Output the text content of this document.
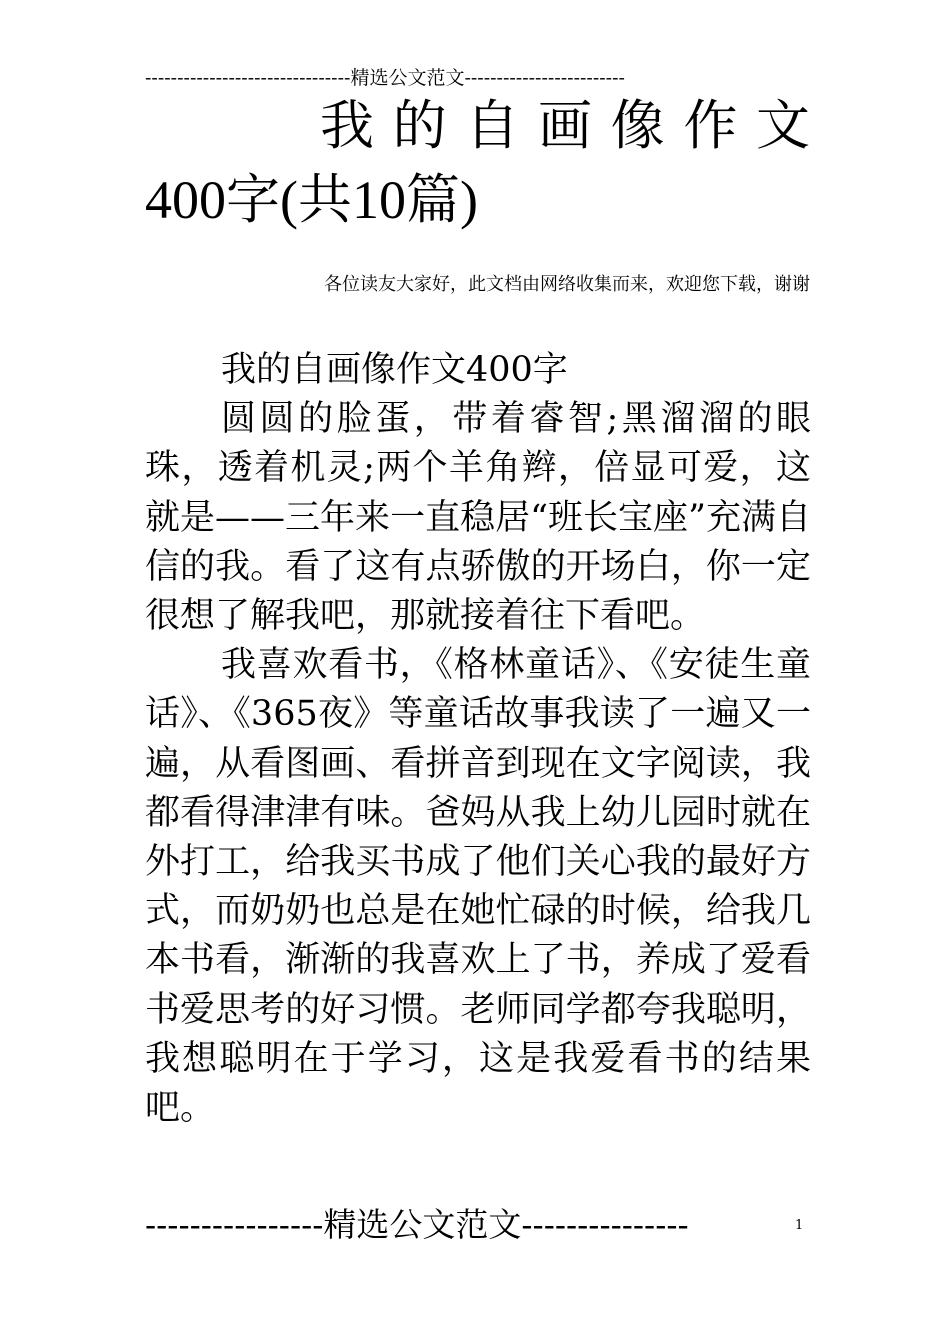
--------------------------------精选公文范文-------------------------
我的自画像作文
400字(共10篇)
各位读友大家好，此文档由网络收集而来，欢迎您下载，谢谢

我的自画像作文400字

圆圆的脸蛋，带着睿智;黑溜溜的眼珠，透着机灵;两个羊角辫，倍显可爱，这就是——三年来一直稳居“班长宝座”充满自信的我。看了这有点骄傲的开场白，你一定很想了解我吧，那就接着往下看吧。

我喜欢看书，《格林童话》、《安徒生童话》、《365夜》等童话故事我读了一遍又一遍，从看图画、看拼音到现在文字阅读，我都看得津津有味。爸妈从我上幼儿园时就在外打工，给我买书成了他们关心我的最好方式，而奶奶也总是在她忙碌的时候，给我几本书看，渐渐的我喜欢上了书，养成了爱看书爱思考的好习惯。老师同学都夸我聪明，我想聪明在于学习，这是我爱看书的结果吧。

----------------精选公文范文---------------	1
